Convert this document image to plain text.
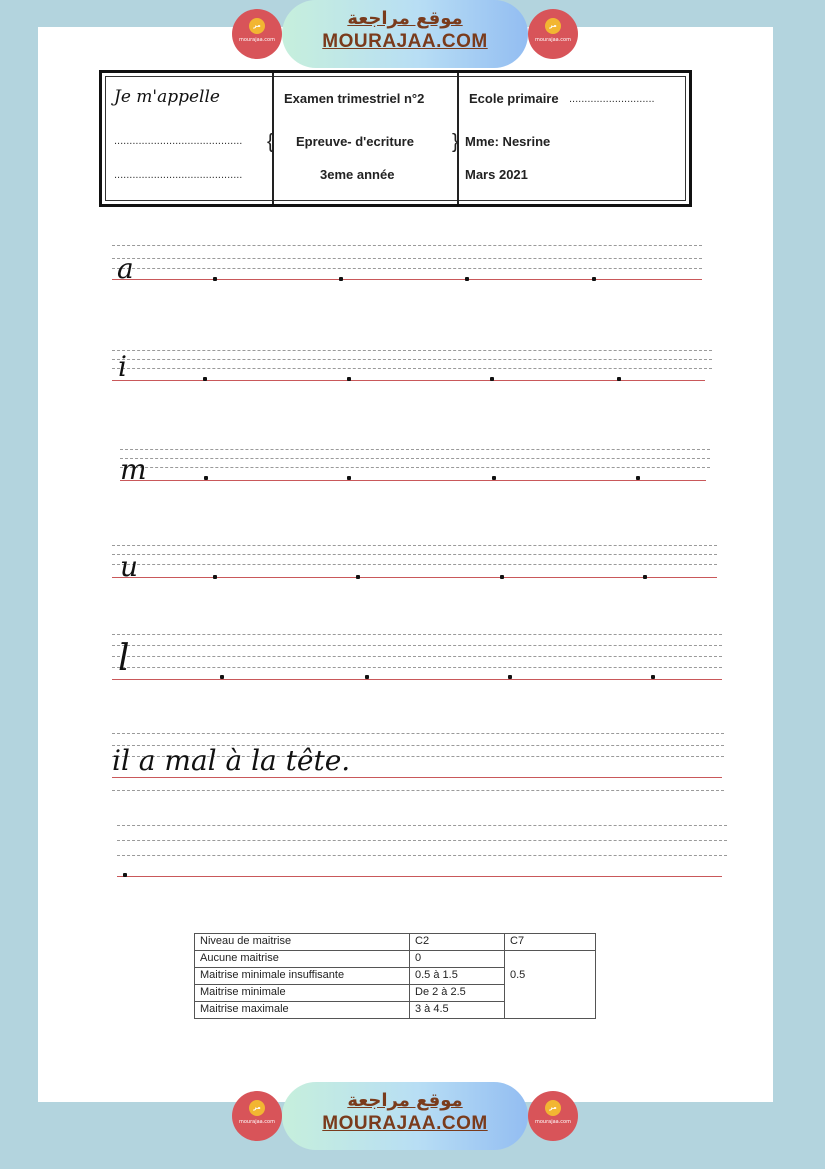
مر
mourajaa.com
موقع مراجعة
MOURAJAA.COM
مر
mourajaa.com
{	}
Je m'appelle
..........................................
..........................................
Examen trimestriel n°2
Epreuve- d'ecriture
3eme année
Ecole primaire ............................
Mme: Nesrine
Mars 2021
a
i
m
u
l
il a mal à la tête.
Niveau de maitrise	C2	C7
Aucune maitrise	0	0.5
Maitrise minimale insuffisante	0.5 à 1.5	
Maitrise minimale	De 2 à 2.5	
Maitrise maximale	3 à 4.5	
مر
mourajaa.com
موقع مراجعة
MOURAJAA.COM
مر
mourajaa.com
